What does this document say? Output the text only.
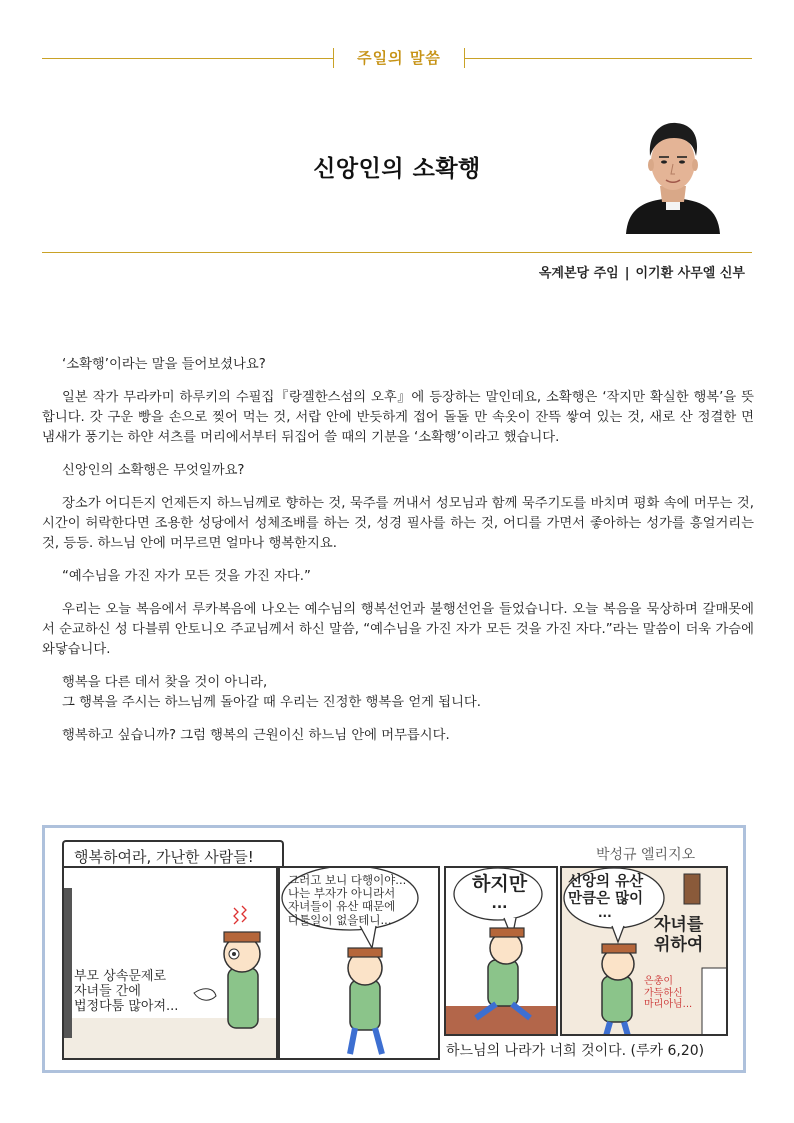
주일의 말씀
신앙인의 소확행
옥계본당 주임 | 이기환 사무엘 신부

‘소확행’이라는 말을 들어보셨나요?

일본 작가 무라카미 하루키의 수필집『랑겔한스섬의 오후』에 등장하는 말인데요, 소확행은 ‘작지만 확실한 행복’을 뜻합니다. 갓 구운 빵을 손으로 찢어 먹는 것, 서랍 안에 반듯하게 접어 돌돌 만 속옷이 잔뜩 쌓여 있는 것, 새로 산 정결한 면 냄새가 풍기는 하얀 셔츠를 머리에서부터 뒤집어 쓸 때의 기분을 ‘소확행’이라고 했습니다.

신앙인의 소확행은 무엇일까요?

장소가 어디든지 언제든지 하느님께로 향하는 것, 묵주를 꺼내서 성모님과 함께 묵주기도를 바치며 평화 속에 머무는 것, 시간이 허락한다면 조용한 성당에서 성체조배를 하는 것, 성경 필사를 하는 것, 어디를 가면서 좋아하는 성가를 흥얼거리는 것, 등등. 하느님 안에 머무르면 얼마나 행복한지요.

“예수님을 가진 자가 모든 것을 가진 자다.”

우리는 오늘 복음에서 루카복음에 나오는 예수님의 행복선언과 불행선언을 들었습니다. 오늘 복음을 묵상하며 갈매못에서 순교하신 성 다블뤼 안토니오 주교님께서 하신 말씀, “예수님을 가진 자가 모든 것을 가진 자다.”라는 말씀이 더욱 가슴에 와닿습니다.

행복을 다른 데서 찾을 것이 아니라,

그 행복을 주시는 하느님께 돌아갈 때 우리는 진정한 행복을 얻게 됩니다.

행복하고 싶습니까? 그럼 행복의 근원이신 하느님 안에 머무릅시다.

행복하여라, 가난한 사람들!	박성규 엘리지오
부모 상속문제로
자녀들 간에
법정다툼 많아져...
그러고 보니 다행이야...
나는 부자가 아니라서
자녀들이 유산 때문에
다툴일이 없을테니...
하지만
...
신앙의 유산
만큼은 많이
...
자녀를
위하여
은총이
가득하신
마리아님...
하느님의 나라가 너희 것이다. (루카 6,20)
